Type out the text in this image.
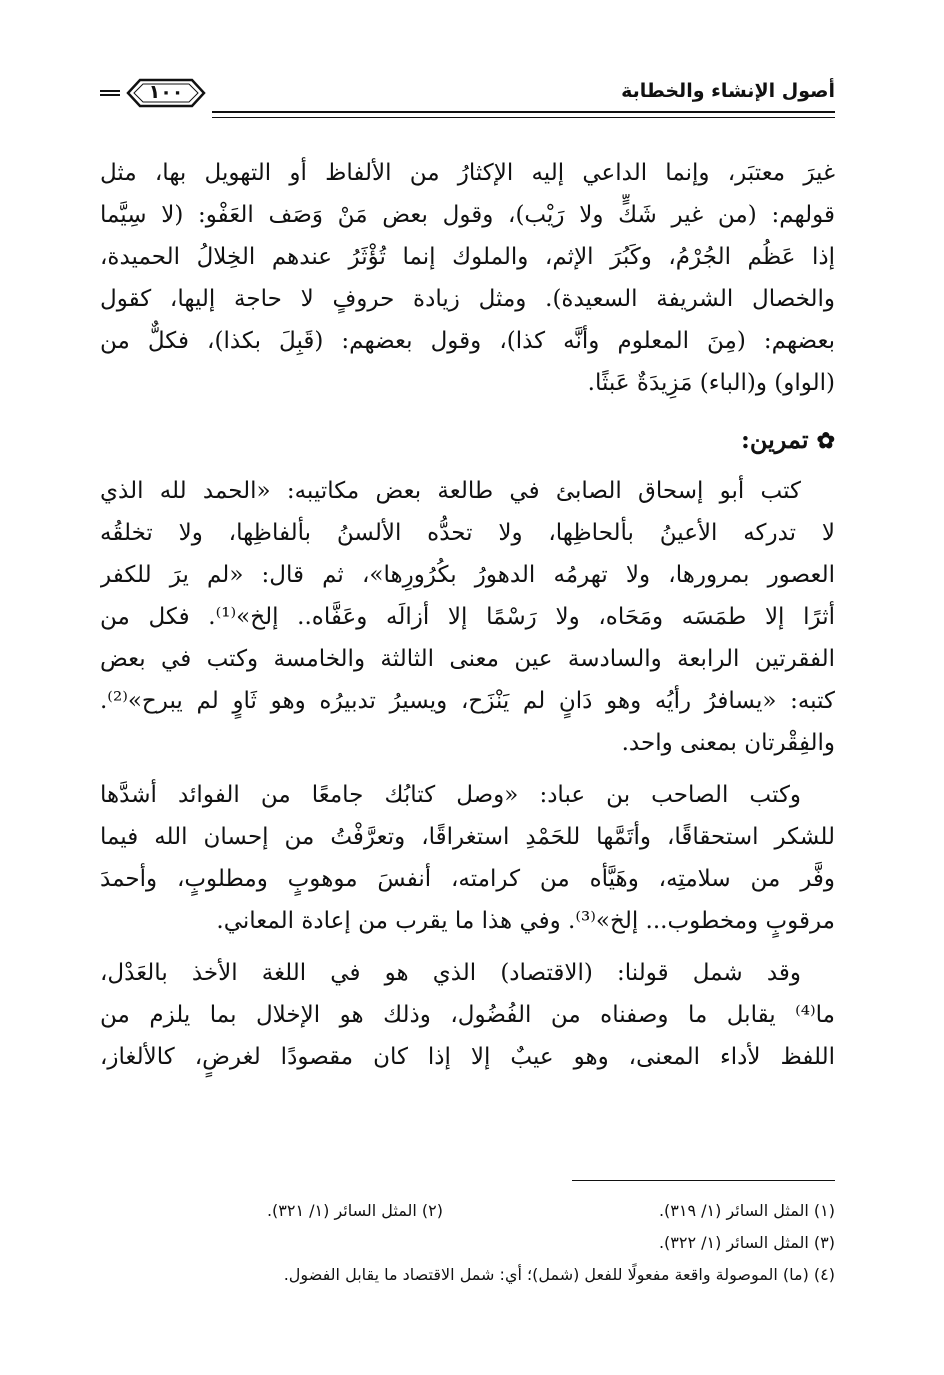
١٠٠	أصول الإنشاء والخطابة
غيرَ معتبَر، وإنما الداعي إليه الإكثارُ من الألفاظ أو التهويل بها، مثل
قولهم: (من غير شَكٍّ ولا رَيْب)، وقول بعض مَنْ وَصَف العَفْو: (لا سِيَّما
إذا عَظُم الجُرْمُ، وكَبُرَ الإثم، والملوك إنما تُؤْثَرُ عندهم الخِلالُ الحميدة،
والخصال الشريفة السعيدة). ومثل زيادة حروفٍ لا حاجة إليها، كقول
بعضهم: (مِنَ المعلوم وأنَّه كذا)، وقول بعضهم: (قَبِلَ بكذا)، فكلٌّ من
(الواو) و(الباء) مَزِيدَةٌ عَبثًا.
✿تمرين:
كتب أبو إسحاق الصابئ في طالعة بعض مكاتيبه: «الحمد لله الذي
لا تدركه الأعينُ بألحاظِها، ولا تحدُّه الألسنُ بألفاظِها، ولا تخلقُه
العصور بمرورها، ولا تهرمُه الدهورُ بكُرُورِها»، ثم قال: «لم يرَ للكفر
أثرًا إلا طمَسَه ومَحَاه، ولا رَسْمًا إلا أزالَه وعَفَّاه.. إلخ»⁽¹⁾. فكل من
الفقرتين الرابعة والسادسة عين معنى الثالثة والخامسة وكتب في بعض
كتبه: «يسافرُ رأيُه وهو دَانٍ لم يَنْزَح، ويسيرُ تدبيرُه وهو ثَاوٍ لم يبرح»⁽²⁾.
والفِقْرتان بمعنى واحد.
وكتب الصاحب بن عباد: «وصل كتابُك جامعًا من الفوائد أشدَّها
للشكر استحقاقًا، وأتَمَّها للحَمْدِ استغراقًا، وتعرَّفْتُ من إحسان الله فيما
وفَّر من سلامتِه، وهَيَّأه من كرامته، أنفسَ موهوبٍ ومطلوبٍ، وأحمدَ
مرقوبٍ ومخطوب... إلخ»⁽³⁾. وفي هذا ما يقرب من إعادة المعاني.
وقد شمل قولنا: (الاقتصاد) الذي هو في اللغة الأخذ بالعَدْل،
ما⁽⁴⁾ يقابل ما وصفناه من الفُضُول، وذلك هو الإخلال بما يلزم من
اللفظ لأداء المعنى، وهو عيبٌ إلا إذا كان مقصودًا لغرضٍ، كالألغاز،
(١) المثل السائر (١/ ٣١٩).
(٢) المثل السائر (١/ ٣٢١).
(٣) المثل السائر (١/ ٣٢٢).
(٤) (ما) الموصولة واقعة مفعولًا للفعل (شمل)؛ أي: شمل الاقتصاد ما يقابل الفضول.
